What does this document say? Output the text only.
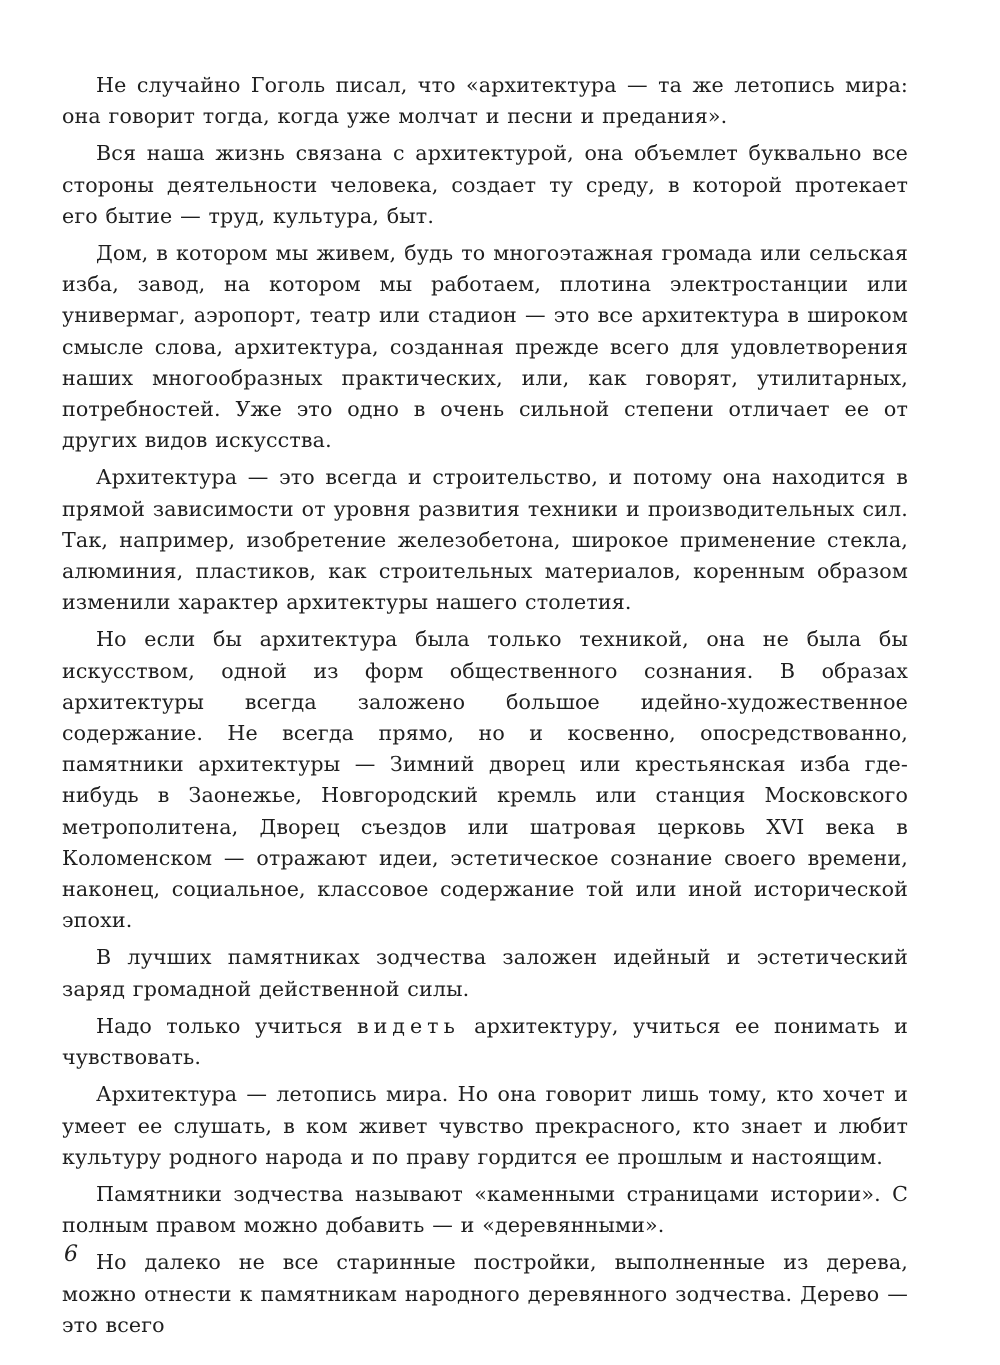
Не случайно Гоголь писал, что «архитектура — та же летопись мира: она говорит тогда, когда уже молчат и песни и предания».

Вся наша жизнь связана с архитектурой, она объемлет буквально все стороны деятельности человека, создает ту среду, в которой протекает его бытие — труд, культура, быт.

Дом, в котором мы живем, будь то многоэтажная громада или сельская изба, завод, на котором мы работаем, плотина электростанции или универмаг, аэропорт, театр или стадион — это все архитектура в широком смысле слова, архитектура, созданная прежде всего для удовлетворения наших многообразных практических, или, как говорят, утилитарных, потребностей. Уже это одно в очень сильной степени отличает ее от других видов искусства.

Архитектура — это всегда и строительство, и потому она находится в прямой зависимости от уровня развития техники и производительных сил. Так, например, изобретение железобетона, широкое применение стекла, алюминия, пластиков, как строительных материалов, коренным образом изменили характер архитектуры нашего столетия.

Но если бы архитектура была только техникой, она не была бы искусством, одной из форм общественного сознания. В образах архитектуры всегда заложено большое идейно-художественное содержание. Не всегда прямо, но и косвенно, опосредствованно, памятники архитектуры — Зимний дворец или крестьянская изба где-нибудь в Заонежье, Новгородский кремль или станция Московского метрополитена, Дворец съездов или шатровая церковь XVI века в Коломенском — отражают идеи, эстетическое сознание своего времени, наконец, социальное, классовое содержание той или иной исторической эпохи.

В лучших памятниках зодчества заложен идейный и эстетический заряд громадной действенной силы.

Надо только учиться видеть архитектуру, учиться ее понимать и чувствовать.

Архитектура — летопись мира. Но она говорит лишь тому, кто хочет и умеет ее слушать, в ком живет чувство прекрасного, кто знает и любит культуру родного народа и по праву гордится ее прошлым и настоящим.

Памятники зодчества называют «каменными страницами истории». С полным правом можно добавить — и «деревянными».

Но далеко не все старинные постройки, выполненные из дерева, можно отнести к памятникам народного деревянного зодчества. Дерево — это всего

6
